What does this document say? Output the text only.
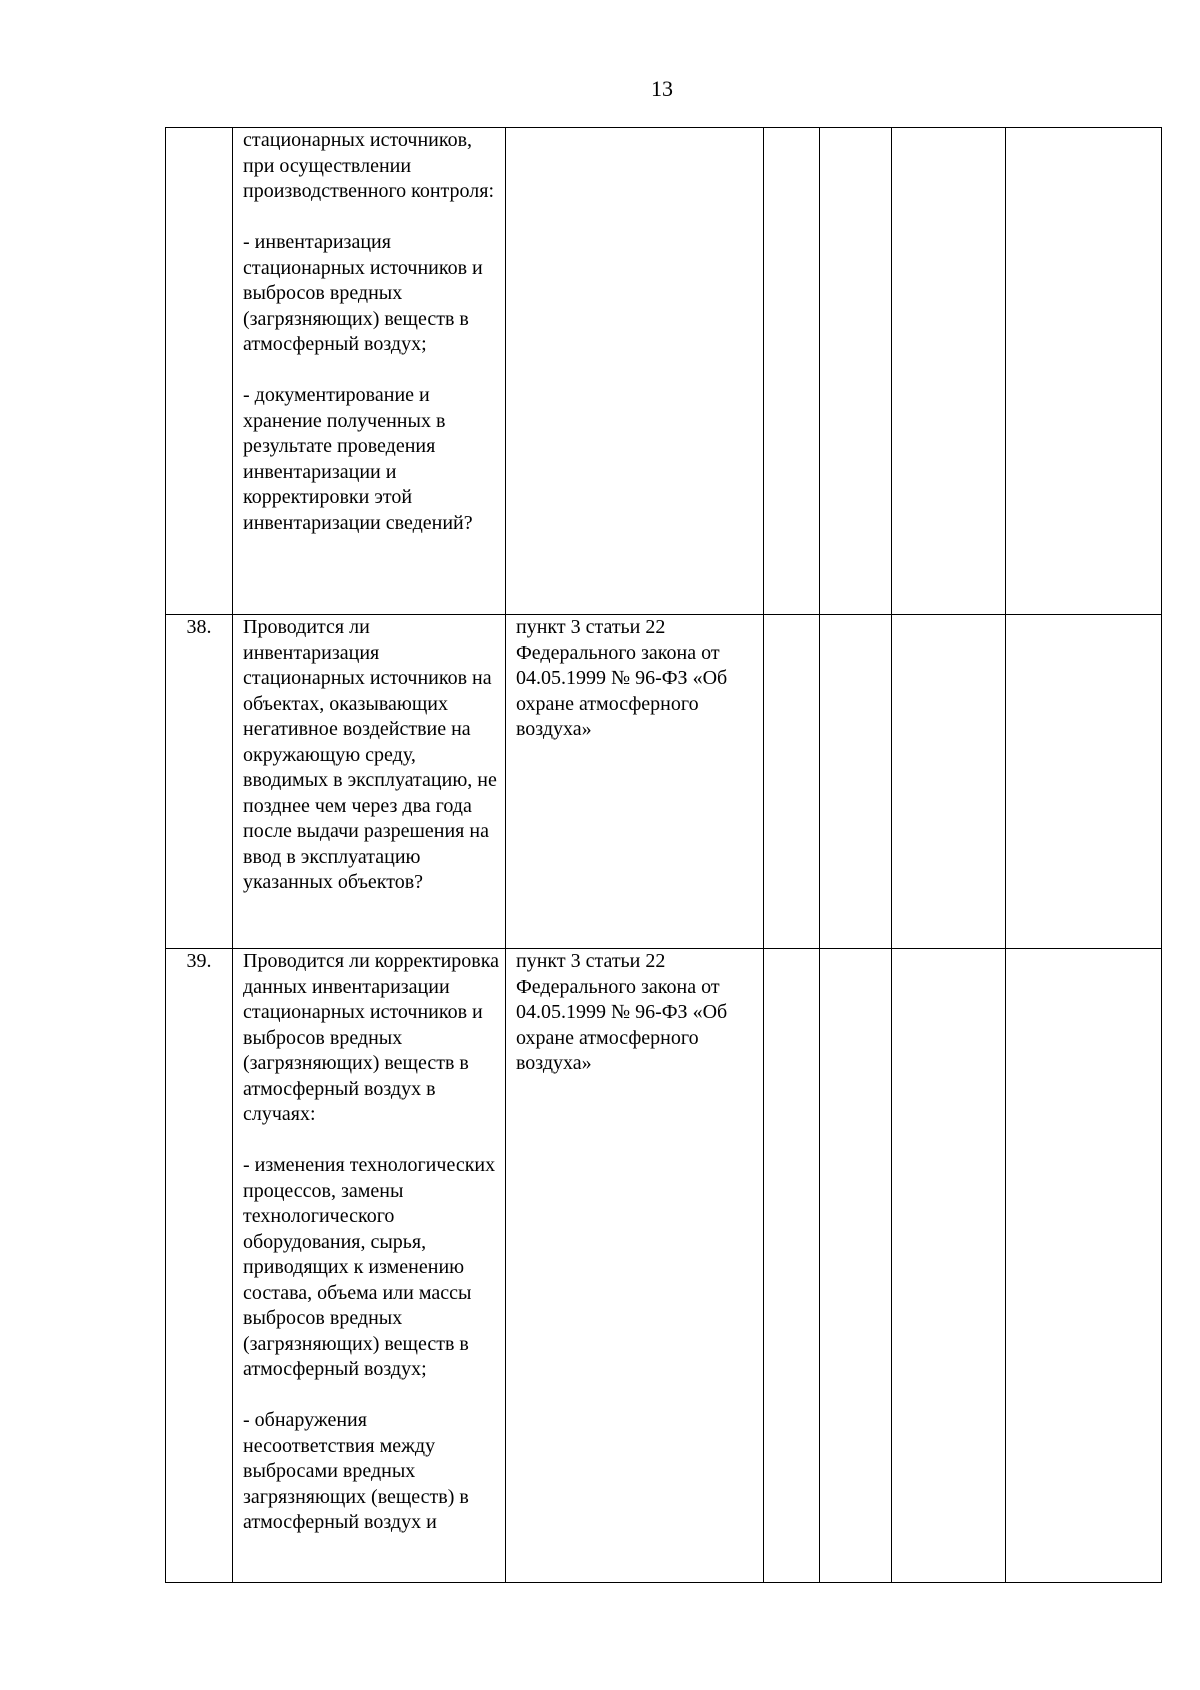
13

	стационарных источников, при осуществлении производственного контроля:
- инвентаризация стационарных источников и выбросов вредных (загрязняющих) веществ в атмосферный воздух;
- документирование и хранение полученных в результате проведения инвентаризации и корректировки этой инвентаризации сведений?					

38.	Проводится ли инвентаризация стационарных источников на объектах, оказывающих негативное воздействие на окружающую среду, вводимых в эксплуатацию, не позднее чем через два года после выдачи разрешения на ввод в эксплуатацию указанных объектов?	пункт 3 статьи 22 Федерального закона от 04.05.1999 № 96-ФЗ «Об охране атмосферного воздуха»				
39.	Проводится ли корректировка данных инвентаризации стационарных источников и выбросов вредных (загрязняющих) веществ в атмосферный воздух в случаях:
- изменения технологических процессов, замены технологического оборудования, сырья, приводящих к изменению состава, объема или массы выбросов вредных (загрязняющих) веществ в атмосферный воздух;
- обнаружения несоответствия между выбросами вредных загрязняющих (веществ) в атмосферный воздух и	пункт 3 статьи 22 Федерального закона от 04.05.1999 № 96-ФЗ «Об охране атмосферного воздуха»				
